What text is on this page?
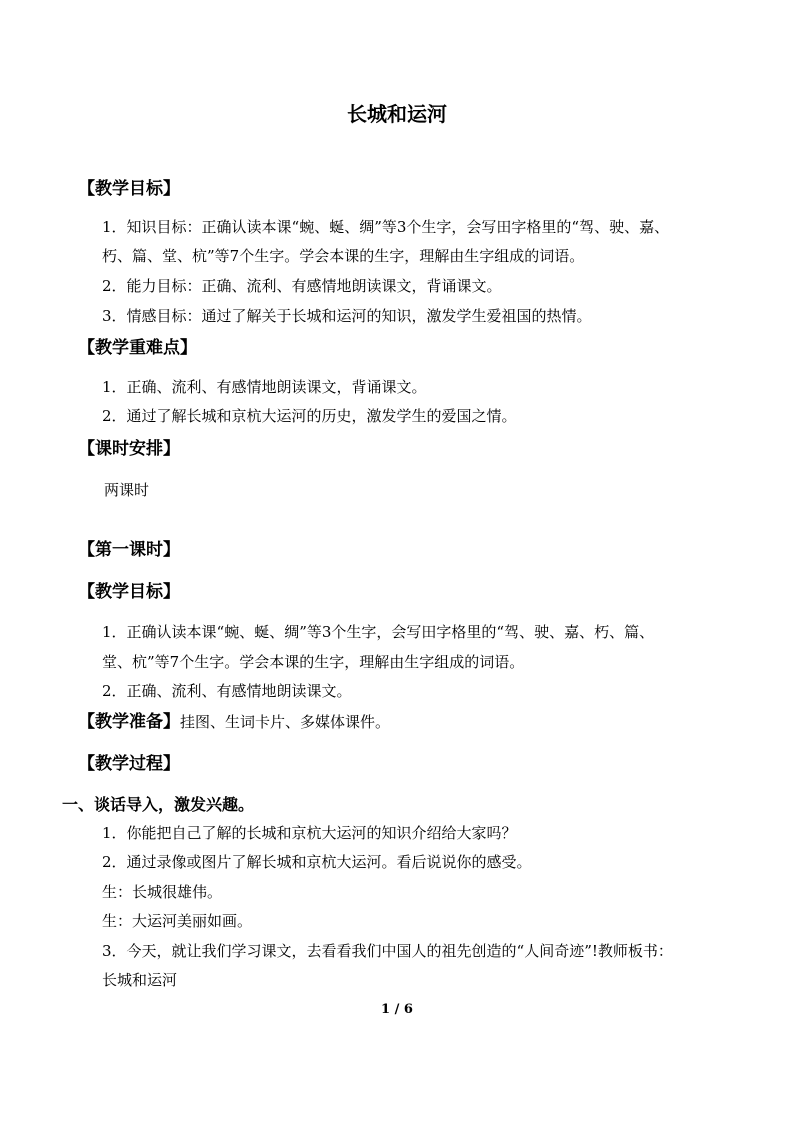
长城和运河
【教学目标】
1．知识目标：正确认读本课“蜿、蜒、绸”等3个生字，会写田字格里的“驾、驶、嘉、
朽、篇、堂、杭”等7个生字。学会本课的生字，理解由生字组成的词语。
2．能力目标：正确、流利、有感情地朗读课文，背诵课文。
3．情感目标：通过了解关于长城和运河的知识，激发学生爱祖国的热情。
【教学重难点】
1．正确、流利、有感情地朗读课文，背诵课文。
2．通过了解长城和京杭大运河的历史，激发学生的爱国之情。
【课时安排】
两课时
【第一课时】
【教学目标】
1．正确认读本课“蜿、蜒、绸”等3个生字，会写田字格里的“驾、驶、嘉、朽、篇、
堂、杭”等7个生字。学会本课的生字，理解由生字组成的词语。
2．正确、流利、有感情地朗读课文。
【教学准备】挂图、生词卡片、多媒体课件。
【教学过程】
一、谈话导入，激发兴趣。
1．你能把自己了解的长城和京杭大运河的知识介绍给大家吗？
2．通过录像或图片了解长城和京杭大运河。看后说说你的感受。
生：长城很雄伟。
生：大运河美丽如画。
3．今天，就让我们学习课文，去看看我们中国人的祖先创造的“人间奇迹”!教师板书：
长城和运河
1 / 6
